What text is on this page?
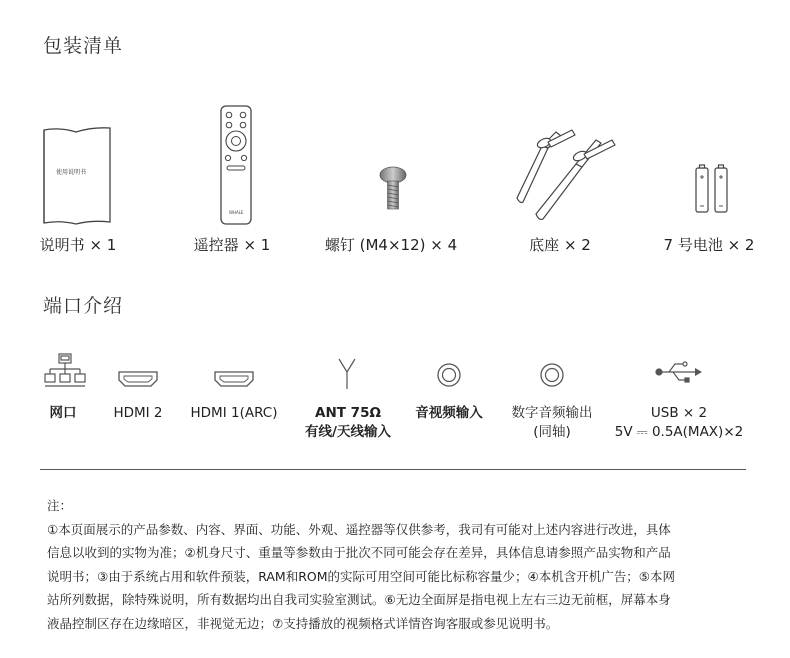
包装清单
使用说明书
说明书 × 1
WHALE
遥控器 × 1	螺钉 (M4×12) × 4	底座 × 2	7 号电池 × 2
端口介绍
网口	HDMI 2 HDMI 1(ARC)	ANT 75Ω
有线/天线输入
音视频输入 数字音频输出
(同轴)
USB × 2
5V ⎓ 0.5A(MAX)×2
注：
①本页面展示的产品参数、内容、界面、功能、外观、遥控器等仅供参考，我司有可能对上述内容进行改进，具体
信息以收到的实物为准；②机身尺寸、重量等参数由于批次不同可能会存在差异，具体信息请参照产品实物和产品
说明书；③由于系统占用和软件预装，RAM和ROM的实际可用空间可能比标称容量少；④本机含开机广告；⑤本网
站所列数据，除特殊说明，所有数据均出自我司实验室测试。⑥无边全面屏是指电视上左右三边无前框，屏幕本身
液晶控制区存在边缘暗区，非视觉无边；⑦支持播放的视频格式详情咨询客服或参见说明书。
